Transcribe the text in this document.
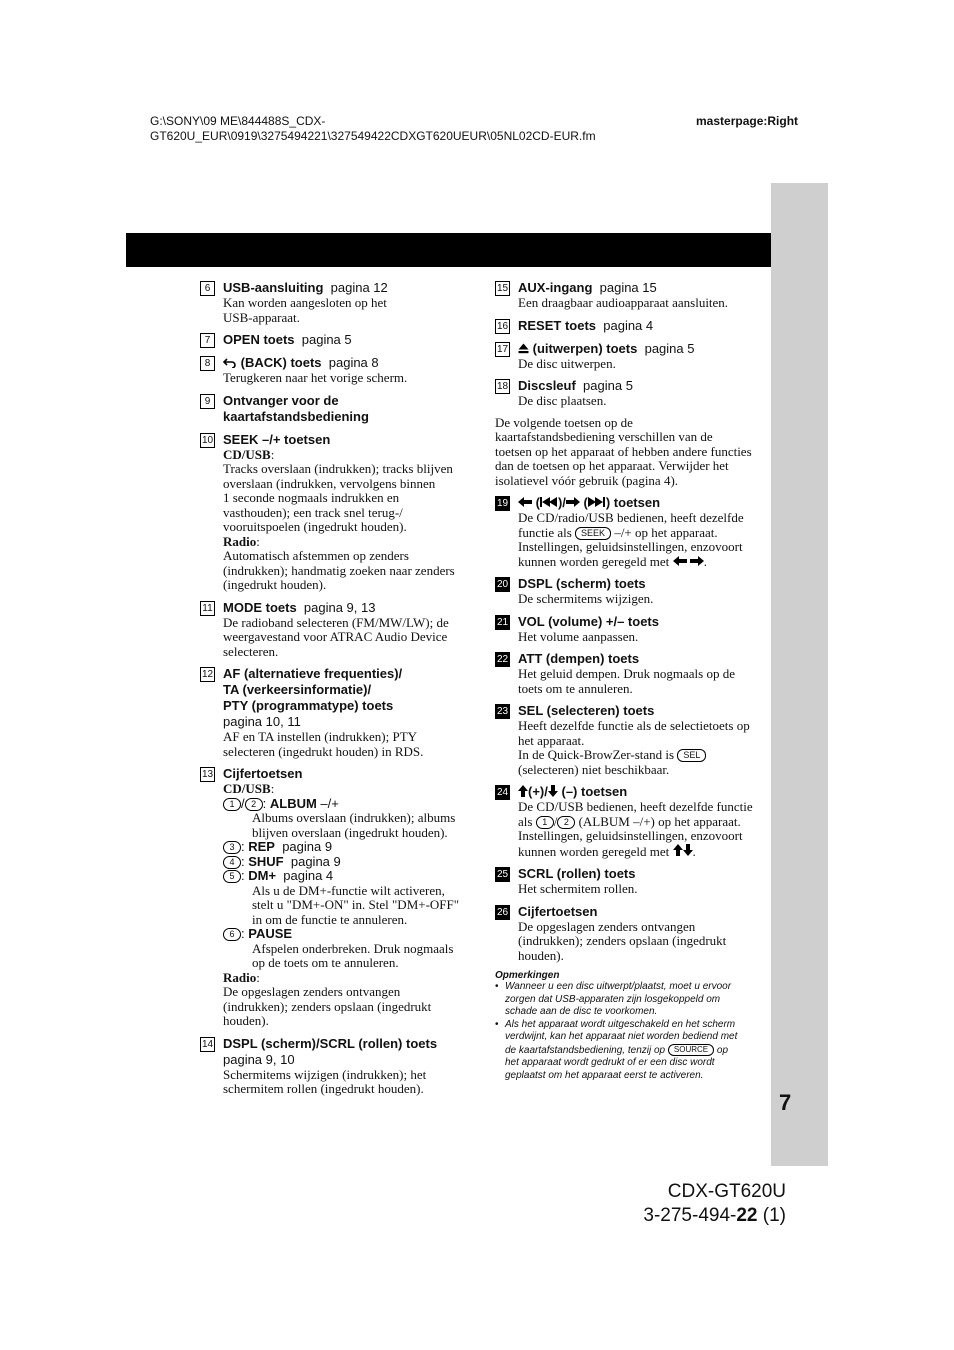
G:\SONY\09 ME\844488S_CDX-
GT620U_EUR\0919\3275494221\327549422CDXGT620UEUR\05NL02CD-EUR.fm
masterpage:Right
7
6 USB-aansluiting pagina 12
Kan worden aangesloten op het
USB-apparaat.
7 OPEN toets pagina 5
8	(BACK) toets pagina 8
Terugkeren naar het vorige scherm.
9 Ontvanger voor de
kaartafstandsbediening
10 SEEK –/+ toetsen
CD/USB:
Tracks overslaan (indrukken); tracks blijven
overslaan (indrukken, vervolgens binnen
1 seconde nogmaals indrukken en
vasthouden); een track snel terug-/
vooruitspoelen (ingedrukt houden).
Radio:
Automatisch afstemmen op zenders
(indrukken); handmatig zoeken naar zenders
(ingedrukt houden).
11 MODE toets pagina 9, 13
De radioband selecteren (FM/MW/LW); de
weergavestand voor ATRAC Audio Device
selecteren.
12 AF (alternatieve frequenties)/
TA (verkeersinformatie)/
PTY (programmatype) toets
pagina 10, 11
AF en TA instellen (indrukken); PTY
selecteren (ingedrukt houden) in RDS.
13 Cijfertoetsen
CD/USB:
1 / 2 : ALBUM –/+
Albums overslaan (indrukken); albums
blijven overslaan (ingedrukt houden).
3 : REP pagina 9
4 : SHUF pagina 9
5 : DM+ pagina 4
Als u de DM+-functie wilt activeren,
stelt u "DM+-ON" in. Stel "DM+-OFF"
in om de functie te annuleren.
6 : PAUSE
Afspelen onderbreken. Druk nogmaals
op de toets om te annuleren.
Radio:
De opgeslagen zenders ontvangen
(indrukken); zenders opslaan (ingedrukt
houden).
14 DSPL (scherm)/SCRL (rollen) toets
pagina 9, 10
Schermitems wijzigen (indrukken); het
schermitem rollen (ingedrukt houden).
15 AUX-ingang pagina 15
Een draagbaar audioapparaat aansluiten.
16 RESET toets pagina 4
17	(uitwerpen) toets pagina 5
De disc uitwerpen.
18 Discsleuf pagina 5
De disc plaatsen.
De volgende toetsen op de
kaartafstandsbediening verschillen van de
toetsen op het apparaat of hebben andere functies
dan de toetsen op het apparaat. Verwijder het
isolatievel vóór gebruik (pagina 4).
19	( )/ ( ) toetsen
De CD/radio/USB bedienen, heeft dezelfde
functie als SEEK –/+ op het apparaat.
Instellingen, geluidsinstellingen, enzovoort
kunnen worden geregeld met	.
20 DSPL (scherm) toets
De schermitems wijzigen.
21 VOL (volume) +/– toets
Het volume aanpassen.
22 ATT (dempen) toets
Het geluid dempen. Druk nogmaals op de
toets om te annuleren.
23 SEL (selecteren) toets
Heeft dezelfde functie als de selectietoets op
het apparaat.
In de Quick-BrowZer-stand is SEL
(selecteren) niet beschikbaar.
24	(+)/ (–) toetsen
De CD/USB bedienen, heeft dezelfde functie
als 1 / 2 (ALBUM –/+) op het apparaat.
Instellingen, geluidsinstellingen, enzovoort
kunnen worden geregeld met .
25 SCRL (rollen) toets
Het schermitem rollen.
26 Cijfertoetsen
De opgeslagen zenders ontvangen
(indrukken); zenders opslaan (ingedrukt
houden).
Opmerkingen
• Wanneer u een disc uitwerpt/plaatst, moet u ervoor
zorgen dat USB-apparaten zijn losgekoppeld om
schade aan de disc te voorkomen.
• Als het apparaat wordt uitgeschakeld en het scherm
verdwijnt, kan het apparaat niet worden bediend met
de kaartafstandsbediening, tenzij op SOURCE op
het apparaat wordt gedrukt of er een disc wordt
geplaatst om het apparaat eerst te activeren.
CDX-GT620U
3-275-494-22 (1)
